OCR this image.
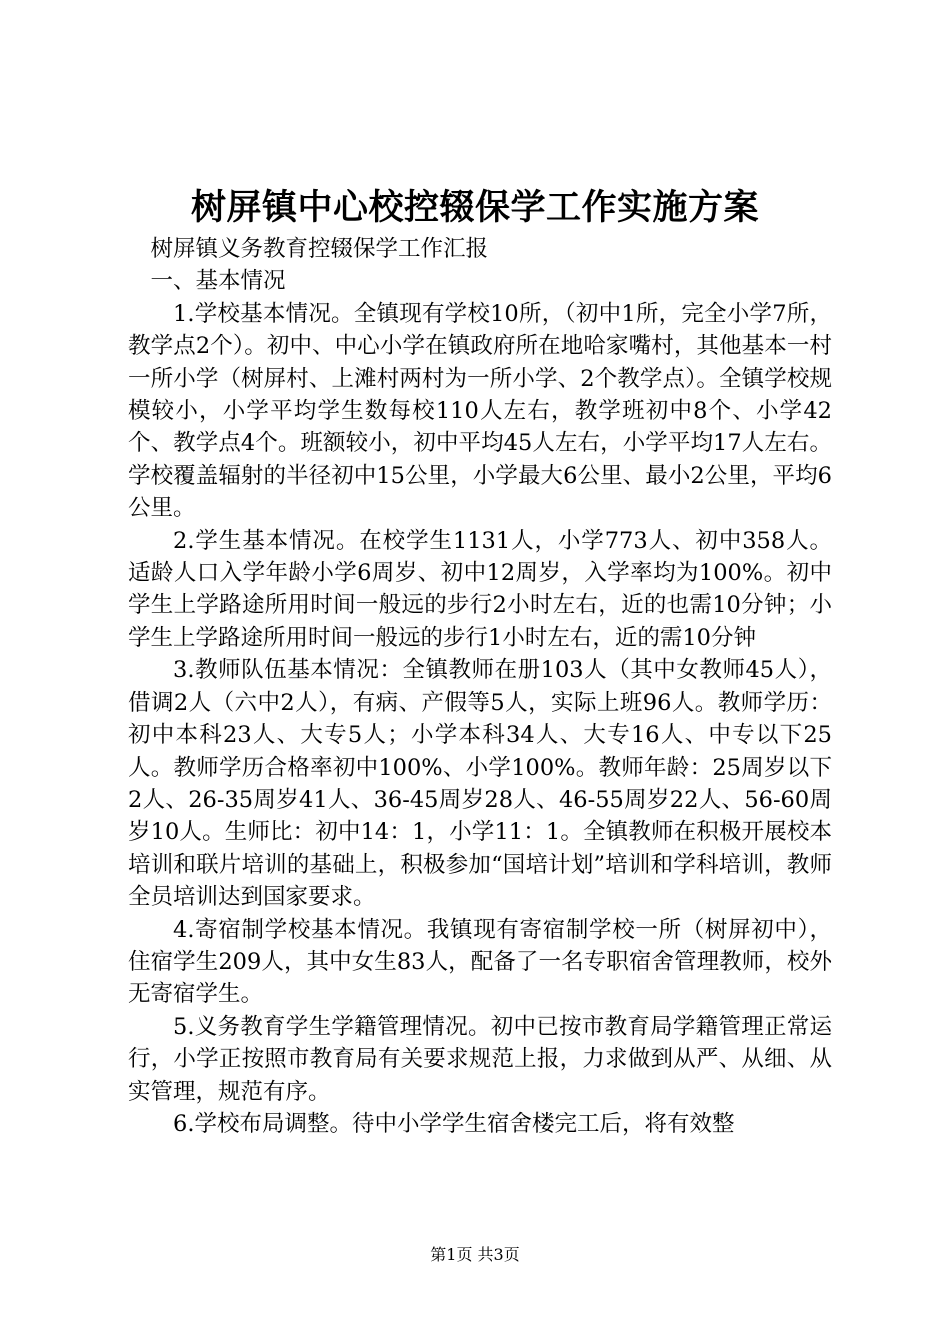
树屏镇中心校控辍保学工作实施方案

树屏镇义务教育控辍保学工作汇报

一、基本情况

1.学校基本情况。全镇现有学校10所，（初中1所，完全小学7所，教学点2个）。初中、中心小学在镇政府所在地哈家嘴村，其他基本一村一所小学（树屏村、上滩村两村为一所小学、2个教学点）。全镇学校规模较小，小学平均学生数每校110人左右，教学班初中8个、小学42个、教学点4个。班额较小，初中平均45人左右，小学平均17人左右。学校覆盖辐射的半径初中15公里，小学最大6公里、最小2公里，平均6公里。

2.学生基本情况。在校学生1131人，小学773人、初中358人。适龄人口入学年龄小学6周岁、初中12周岁，入学率均为100%。初中学生上学路途所用时间一般远的步行2小时左右，近的也需10分钟；小学生上学路途所用时间一般远的步行1小时左右，近的需10分钟

3.教师队伍基本情况：全镇教师在册103人（其中女教师45人），借调2人（六中2人），有病、产假等5人，实际上班96人。教师学历：初中本科23人、大专5人；小学本科34人、大专16人、中专以下25人。教师学历合格率初中100%、小学100%。教师年龄：25周岁以下2人、26-35周岁41人、36-45周岁28人、46-55周岁22人、56-60周岁10人。生师比：初中14：1，小学11：1。全镇教师在积极开展校本培训和联片培训的基础上，积极参加“国培计划”培训和学科培训，教师全员培训达到国家要求。

4.寄宿制学校基本情况。我镇现有寄宿制学校一所（树屏初中），住宿学生209人，其中女生83人，配备了一名专职宿舍管理教师，校外无寄宿学生。

5.义务教育学生学籍管理情况。初中已按市教育局学籍管理正常运行，小学正按照市教育局有关要求规范上报，力求做到从严、从细、从实管理，规范有序。

6.学校布局调整。待中小学学生宿舍楼完工后，将有效整

第1页 共3页
